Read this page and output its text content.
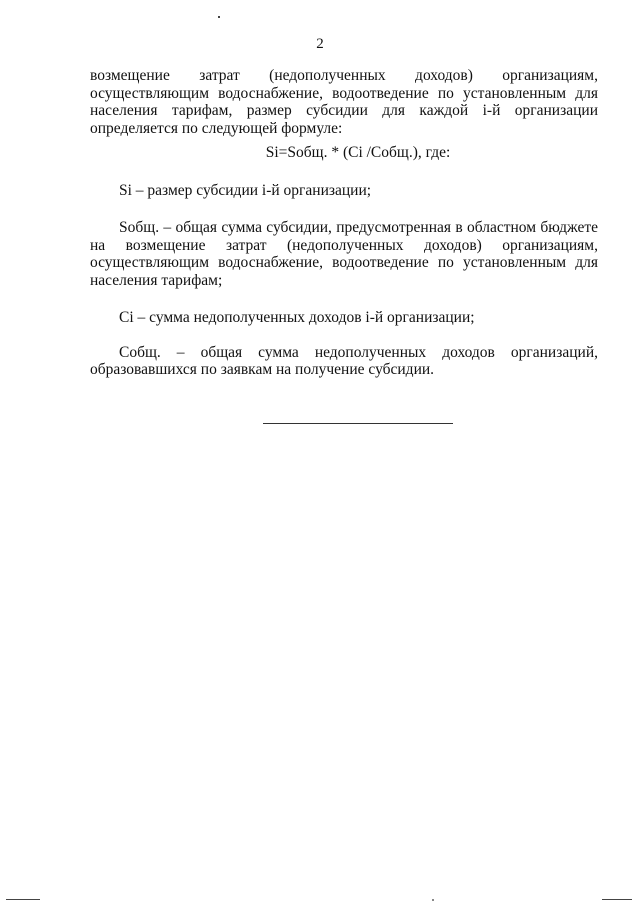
2

возмещение затрат (недополученных доходов) организациям, осуществляющим водоснабжение, водоотведение по установленным для населения тарифам, размер субсидии для каждой i-й организации определяется по следующей формуле:

Si=Sобщ. * (Ci /Cобщ.), где:

Si – размер субсидии i-й организации;

Sобщ. – общая сумма субсидии, предусмотренная в областном бюджете на возмещение затрат (недополученных доходов) организациям, осуществляющим водоснабжение, водоотведение по установленным для населения тарифам;

Ci – сумма недополученных доходов i-й организации;

Cобщ. – общая сумма недополученных доходов организаций, образовавшихся по заявкам на получение субсидии.
